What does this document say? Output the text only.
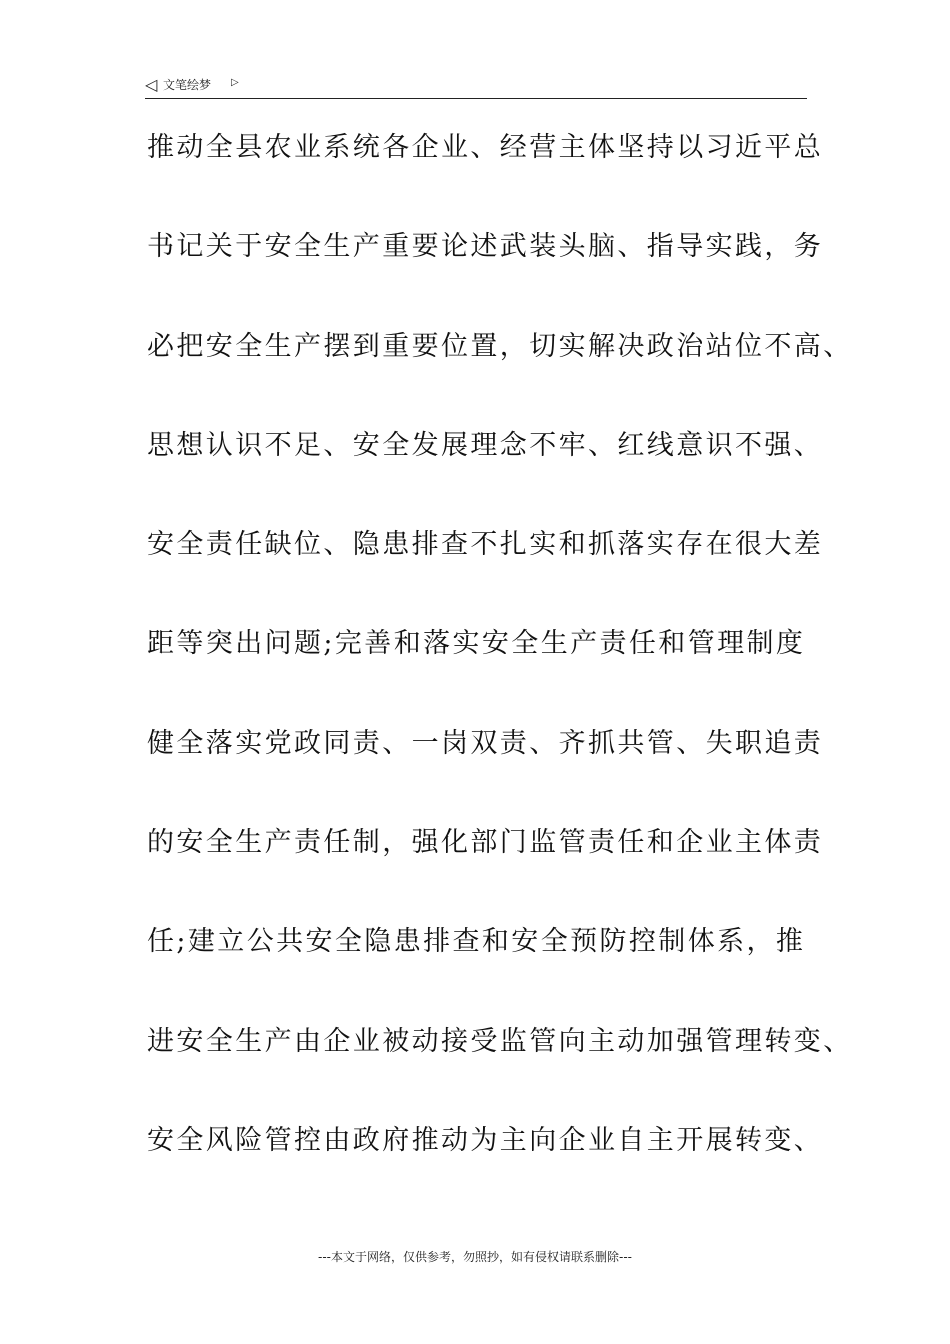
◁ 文笔绘梦 ▷
推动全县农业系统各企业、经营主体坚持以习近平总
书记关于安全生产重要论述武装头脑、指导实践，务
必把安全生产摆到重要位置，切实解决政治站位不高、
思想认识不足、安全发展理念不牢、红线意识不强、
安全责任缺位、隐患排查不扎实和抓落实存在很大差
距等突出问题;完善和落实安全生产责任和管理制度
健全落实党政同责、一岗双责、齐抓共管、失职追责
的安全生产责任制，强化部门监管责任和企业主体责
任;建立公共安全隐患排查和安全预防控制体系，推
进安全生产由企业被动接受监管向主动加强管理转变、
安全风险管控由政府推动为主向企业自主开展转变、
---本文于网络，仅供参考，勿照抄，如有侵权请联系删除---
